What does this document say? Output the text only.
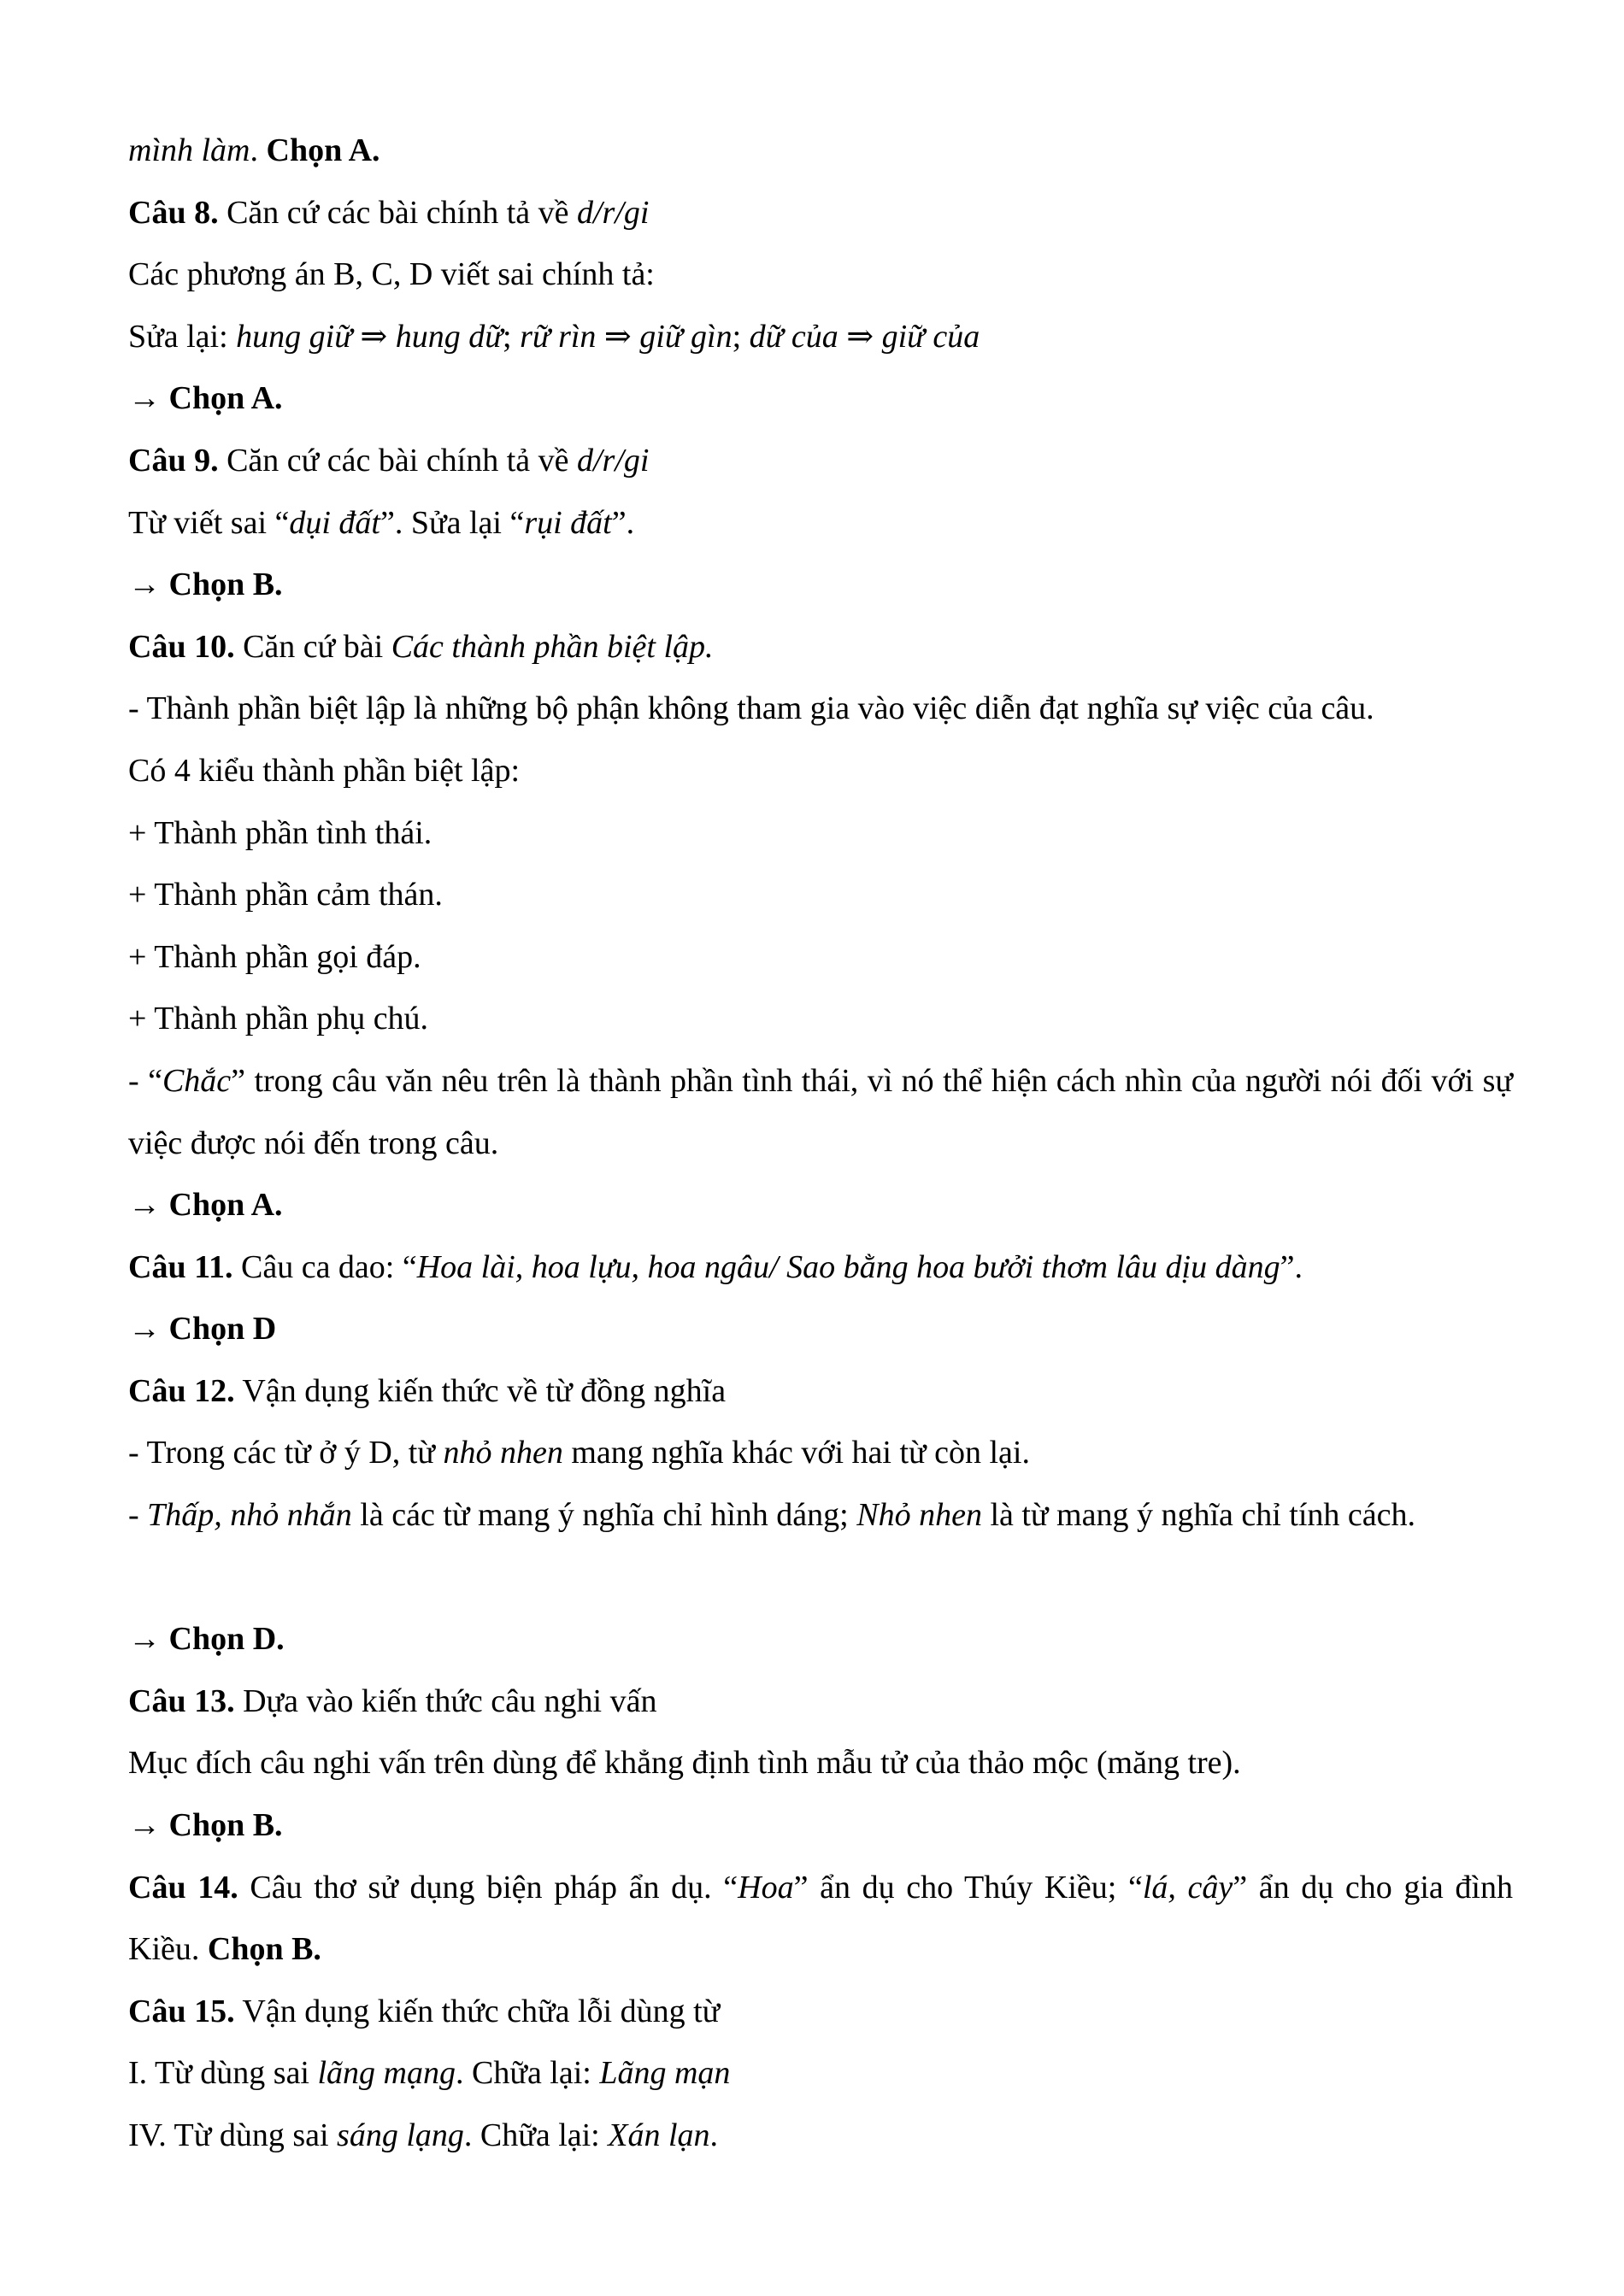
mình làm. Chọn A.
Câu 8. Căn cứ các bài chính tả về d/r/gi
Các phương án B, C, D viết sai chính tả:
Sửa lại: hung giữ ⇒ hung dữ; rữ rìn ⇒ giữ gìn; dữ của ⇒ giữ của
→ Chọn A.
Câu 9. Căn cứ các bài chính tả về d/r/gi
Từ viết sai “dụi đất”. Sửa lại “rụi đất”.
→ Chọn B.
Câu 10. Căn cứ bài Các thành phần biệt lập.
- Thành phần biệt lập là những bộ phận không tham gia vào việc diễn đạt nghĩa sự việc của câu.
Có 4 kiểu thành phần biệt lập:
+ Thành phần tình thái.
+ Thành phần cảm thán.
+ Thành phần gọi đáp.
+ Thành phần phụ chú.
- “Chắc” trong câu văn nêu trên là thành phần tình thái, vì nó thể hiện cách nhìn của người nói đối với sự việc được nói đến trong câu.
→ Chọn A.
Câu 11. Câu ca dao: “Hoa lài, hoa lựu, hoa ngâu/ Sao bằng hoa bưởi thơm lâu dịu dàng”.
→ Chọn D
Câu 12. Vận dụng kiến thức về từ đồng nghĩa
- Trong các từ ở ý D, từ nhỏ nhen mang nghĩa khác với hai từ còn lại.
- Thấp, nhỏ nhắn là các từ mang ý nghĩa chỉ hình dáng; Nhỏ nhen là từ mang ý nghĩa chỉ tính cách.
→ Chọn D.
Câu 13. Dựa vào kiến thức câu nghi vấn
Mục đích câu nghi vấn trên dùng để khẳng định tình mẫu tử của thảo mộc (măng tre).
→ Chọn B.
Câu 14. Câu thơ sử dụng biện pháp ẩn dụ. “Hoa” ẩn dụ cho Thúy Kiều; “lá, cây” ẩn dụ cho gia đình Kiều. Chọn B.
Câu 15. Vận dụng kiến thức chữa lỗi dùng từ
I. Từ dùng sai lãng mạng. Chữa lại: Lãng mạn
IV. Từ dùng sai sáng lạng. Chữa lại: Xán lạn.
